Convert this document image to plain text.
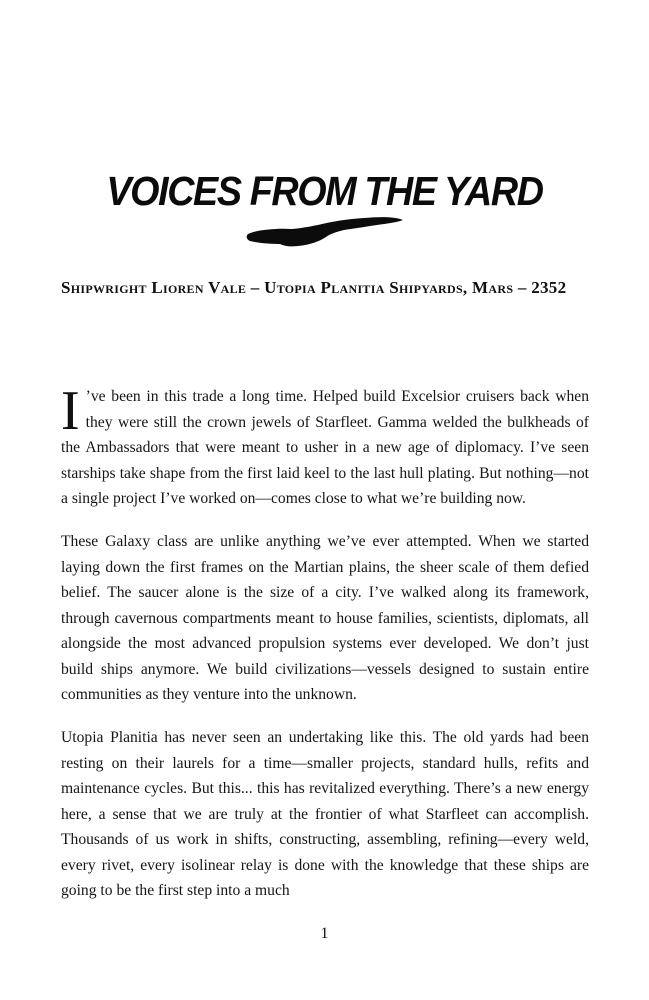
VOICES FROM THE YARD
Shipwright Lioren Vale – Utopia Planitia Shipyards, Mars – 2352

I ’ve been in this trade a long time. Helped build Excelsior cruisers back when they were still the crown jewels of Starfleet. Gamma welded the bulkheads of the Ambassadors that were meant to usher in a new age of diplomacy. I’ve seen starships take shape from the first laid keel to the last hull plating. But nothing—not a single project I’ve worked on—comes close to what we’re building now.

These Galaxy class are unlike anything we’ve ever attempted. When we started laying down the first frames on the Martian plains, the sheer scale of them defied belief. The saucer alone is the size of a city. I’ve walked along its framework, through cavernous compartments meant to house families, scientists, diplomats, all alongside the most advanced propulsion systems ever developed. We don’t just build ships anymore. We build civilizations—vessels designed to sustain entire communities as they venture into the unknown.

Utopia Planitia has never seen an undertaking like this. The old yards had been resting on their laurels for a time—smaller projects, standard hulls, refits and maintenance cycles. But this... this has revitalized everything. There’s a new energy here, a sense that we are truly at the frontier of what Starfleet can accomplish. Thousands of us work in shifts, constructing, assembling, refining—every weld, every rivet, every isolinear relay is done with the knowledge that these ships are going to be the first step into a much

1
